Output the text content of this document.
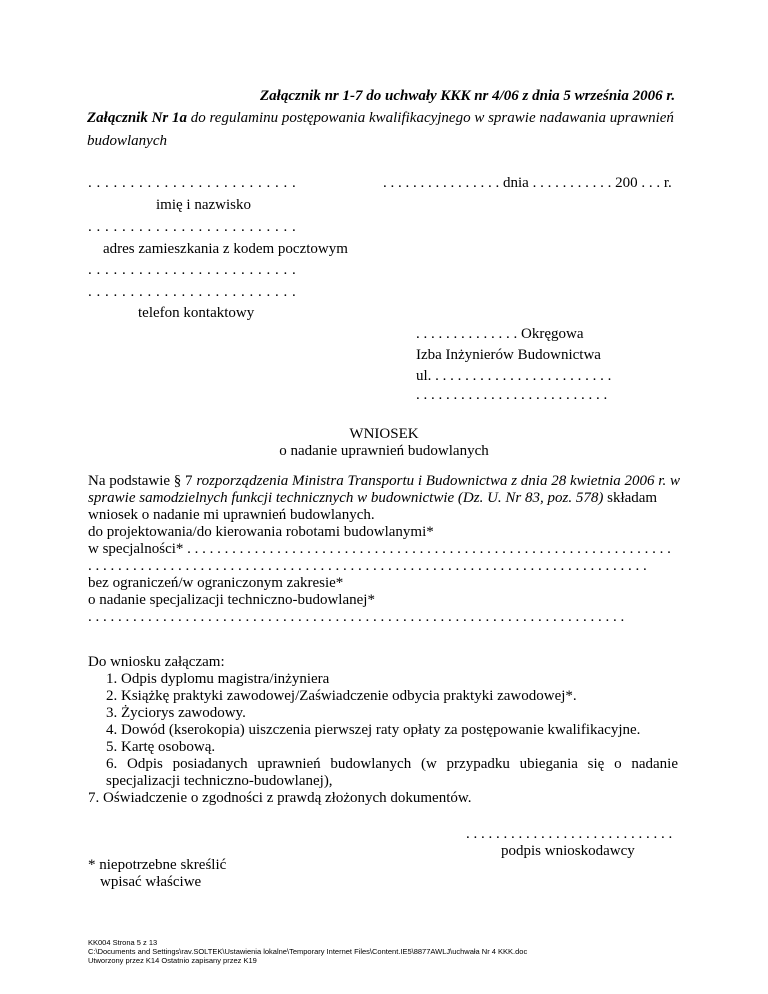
Załącznik nr 1-7 do uchwały KKK nr 4/06 z dnia 5 września 2006 r.
Załącznik Nr 1a do regulaminu postępowania kwalifikacyjnego w sprawie nadawania uprawnień
budowlanych
. . . . . . . . . . . . . . . . . . . . . . . . .	. . . . . . . . . . . . . . . . dnia . . . . . . . . . . . 200 . . . r.
imię i nazwisko
. . . . . . . . . . . . . . . . . . . . . . . . .
adres zamieszkania z kodem pocztowym
. . . . . . . . . . . . . . . . . . . . . . . . .
. . . . . . . . . . . . . . . . . . . . . . . . .
telefon kontaktowy
. . . . . . . . . . . . . . Okręgowa
Izba Inżynierów Budownictwa
ul. . . . . . . . . . . . . . . . . . . . . . . . .
. . . . . . . . . . . . . . . . . . . . . . . . . .
WNIOSEK
o nadanie uprawnień budowlanych
Na podstawie § 7 rozporządzenia Ministra Transportu i Budownictwa z dnia 28 kwietnia 2006 r. w sprawie samodzielnych funkcji technicznych w budownictwie (Dz. U. Nr 83, poz. 578) składam wniosek o nadanie mi uprawnień budowlanych.
do projektowania/do kierowania robotami budowlanymi*
w specjalności* . . . . . . . . . . . . . . . . . . . . . . . . . . . . . . . . . . . . . . . . . . . . . . . . . . . . . . . . . . . . . . . . .
. . . . . . . . . . . . . . . . . . . . . . . . . . . . . . . . . . . . . . . . . . . . . . . . . . . . . . . . . . . . . . . . . . . . . . . . . . .
bez ograniczeń/w ograniczonym zakresie*
o nadanie specjalizacji techniczno-budowlanej*
. . . . . . . . . . . . . . . . . . . . . . . . . . . . . . . . . . . . . . . . . . . . . . . . . . . . . . . . . . . . . . . . . . . . . . . .
Do wniosku załączam:
1. Odpis dyplomu magistra/inżyniera
2. Książkę praktyki zawodowej/Zaświadczenie odbycia praktyki zawodowej*.
3. Życiorys zawodowy.
4. Dowód (kserokopia) uiszczenia pierwszej raty opłaty za postępowanie kwalifikacyjne.
5. Kartę osobową.
6. Odpis posiadanych uprawnień budowlanych (w przypadku ubiegania się o nadanie specjalizacji techniczno-budowlanej),
7. Oświadczenie o zgodności z prawdą złożonych dokumentów.
. . . . . . . . . . . . . . . . . . . . . . . . . . . .
podpis wnioskodawcy
* niepotrzebne skreślić
wpisać właściwe
KK004 Strona 5 z 13
C:\Documents and Settings\rav.SOLTEK\Ustawienia lokalne\Temporary Internet Files\Content.IE5\8877AWLJ\uchwała Nr 4 KKK.doc
Utworzony przez K14 Ostatnio zapisany przez K19
